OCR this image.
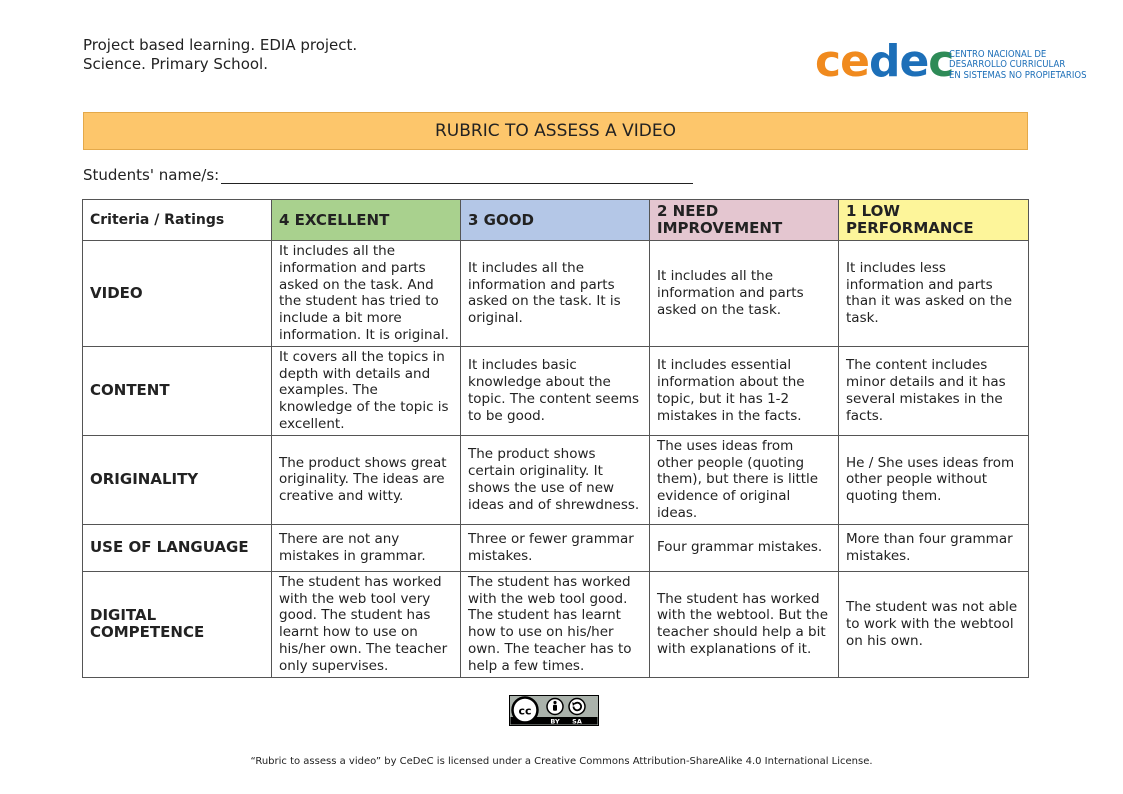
Project based learning. EDIA project.
Science. Primary School.	cedec
CENTRO NACIONAL DE
DESARROLLO CURRICULAR
EN SISTEMAS NO PROPIETARIOS
RUBRIC TO ASSESS A VIDEO
Students' name/s:
Criteria / Ratings	4 EXCELLENT	3 GOOD	2 NEED IMPROVEMENT	1 LOW PERFORMANCE
VIDEO	It includes all the information and parts asked on the task. And the student has tried to include a bit more information. It is original.	It includes all the information and parts asked on the task. It is original.	It includes all the information and parts asked on the task.	It includes less information and parts than it was asked on the task.
CONTENT	It covers all the topics in depth with details and examples. The knowledge of the topic is excellent.	It includes basic knowledge about the topic. The content seems to be good.	It includes essential information about the topic, but it has 1-2 mistakes in the facts.	The content includes minor details and it has several mistakes in the facts.
ORIGINALITY	The product shows great originality. The ideas are creative and witty.	The product shows certain originality. It shows the use of new ideas and of shrewdness.	The uses ideas from other people (quoting them), but there is little evidence of original ideas.	He / She uses ideas from other people without quoting them.
USE OF LANGUAGE	There are not any mistakes in grammar.	Three or fewer grammar mistakes.	Four grammar mistakes.	More than four grammar mistakes.
DIGITAL COMPETENCE	The student has worked with the web tool very good. The student has learnt how to use on his/her own. The teacher only supervises.	The student has worked with the web tool good. The student has learnt how to use on his/her own. The teacher has to help a few times.	The student has worked with the webtool. But the teacher should help a bit with explanations of it.	The student was not able to work with the webtool on his own.
cc
BY SA
“Rubric to assess a video” by CeDeC is licensed under a Creative Commons Attribution-ShareAlike 4.0 International License.
